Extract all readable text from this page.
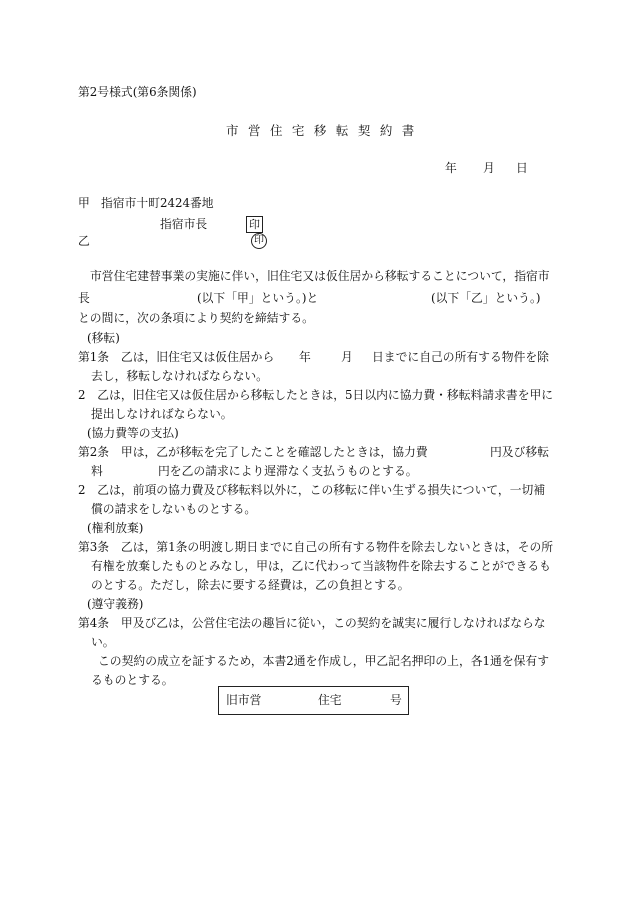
第2号様式(第6条関係)
市 営 住 宅 移 転 契 約 書
年 月 日
甲 指宿市十町2424番地
指宿市長	印
乙	印
市営住宅建替事業の実施に伴い，旧住宅又は仮住居から移転することについて，指宿市
長	(以下「甲」という。)と	(以下「乙」という。)
との間に，次の条項により契約を締結する。
(移転)
第1条　乙は，旧住宅又は仮住居から 年	月 日までに自己の所有する物件を除
去し，移転しなければならない。
2　乙は，旧住宅又は仮住居から移転したときは，5日以内に協力費・移転料請求書を甲に
提出しなければならない。
(協力費等の支払)
第2条　甲は，乙が移転を完了したことを確認したときは，協力費	円及び移転
料	円を乙の請求により遅滞なく支払うものとする。
2　乙は，前項の協力費及び移転料以外に，この移転に伴い生ずる損失について，一切補
償の請求をしないものとする。
(権利放棄)
第3条　乙は，第1条の明渡し期日までに自己の所有する物件を除去しないときは，その所
有権を放棄したものとみなし，甲は，乙に代わって当該物件を除去することができるも
のとする。ただし，除去に要する経費は，乙の負担とする。
(遵守義務)
第4条　甲及び乙は，公営住宅法の趣旨に従い，この契約を誠実に履行しなければならな
い。
この契約の成立を証するため，本書2通を作成し，甲乙記名押印の上，各1通を保有す
るものとする。
旧市営	住宅	号
